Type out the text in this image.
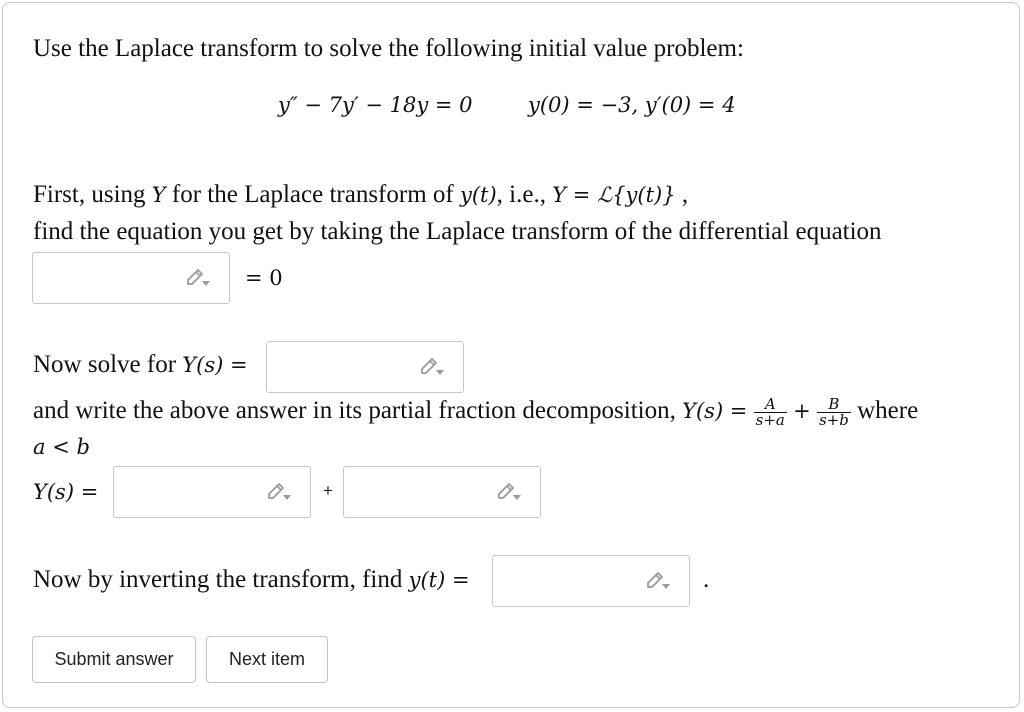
Use the Laplace transform to solve the following initial value problem:
y″ − 7y′ − 18y = 0	y(0) = −3, y′(0) = 4
First, using Y for the Laplace transform of y(t), i.e., Y = ℒ{y(t)} ,
find the equation you get by taking the Laplace transform of the differential equation
= 0
Now solve for Y(s) =
and write the above answer in its partial fraction decomposition, $Y(s) = \frac{A}{s+a} + \frac{B}{s+b}$ where
a < b
Y(s) =	+
Now by inverting the transform, find y(t) =	.
Submit answer	Next item
